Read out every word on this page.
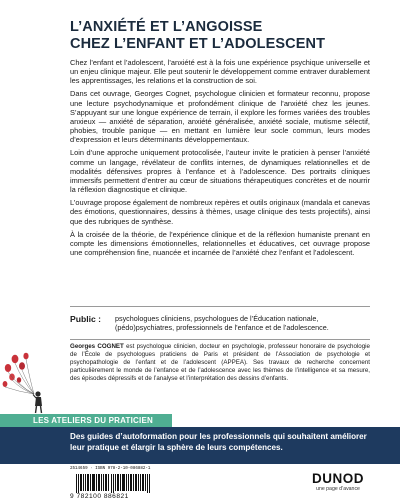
L’ANXIÉTÉ ET L’ANGOISSE
CHEZ L’ENFANT ET L’ADOLESCENT

Chez l’enfant et l’adolescent, l’anxiété est à la fois une expérience psychique universelle et un enjeu clinique majeur. Elle peut soutenir le développement comme entraver durablement les apprentissages, les relations et la construction de soi.

Dans cet ouvrage, Georges Cognet, psychologue clinicien et formateur reconnu, propose une lecture psychodynamique et profondément clinique de l’anxiété chez les jeunes. S’appuyant sur une longue expérience de terrain, il explore les formes variées des troubles anxieux — anxiété de séparation, anxiété généralisée, anxiété sociale, mutisme sélectif, phobies, trouble panique — en mettant en lumière leur socle commun, leurs modes d’expression et leurs déterminants développementaux.

Loin d’une approche uniquement protocolisée, l’auteur invite le praticien à penser l’anxiété comme un langage, révélateur de conflits internes, de dynamiques relationnelles et de modalités défensives propres à l’enfance et à l’adolescence. Des portraits cliniques immersifs permettent d’entrer au cœur de situations thérapeutiques concrètes et de nourrir la réflexion diagnostique et clinique.

L’ouvrage propose également de nombreux repères et outils originaux (mandala et canevas des émotions, questionnaires, dessins à thèmes, usage clinique des tests projectifs), ainsi que des rubriques de synthèse.

À la croisée de la théorie, de l’expérience clinique et de la réflexion humaniste prenant en compte les dimensions émotionnelles, relationnelles et éducatives, cet ouvrage propose une compréhension fine, nuancée et incarnée de l’anxiété chez l’enfant et l’adolescent.

Public :	psychologues cliniciens, psychologues de l’Éducation nationale, (pédo)psychiatres, professionnels de l’enfance et de l’adolescence.
Georges COGNET est psychologue clinicien, docteur en psychologie, professeur honoraire de psychologie de l’École de psychologues praticiens de Paris et président de l’Association de psychologie et psychopathologie de l’enfant et de l’adolescent (APPEA). Ses travaux de recherche concernent particulièrement le monde de l’enfance et de l’adolescence avec les thèmes de l’intelligence et sa mesure, des épisodes dépressifs et de l’analyse et l’interprétation des dessins d’enfants.
LES ATELIERS DU PRATICIEN
Des guides d’autoformation pour les professionnels qui souhaitent améliorer leur pratique et élargir la sphère de leurs compétences.
2514659 · ISBN 978-2-10-086882-1
9 782100 886821
DUNOD
une page d’avance
